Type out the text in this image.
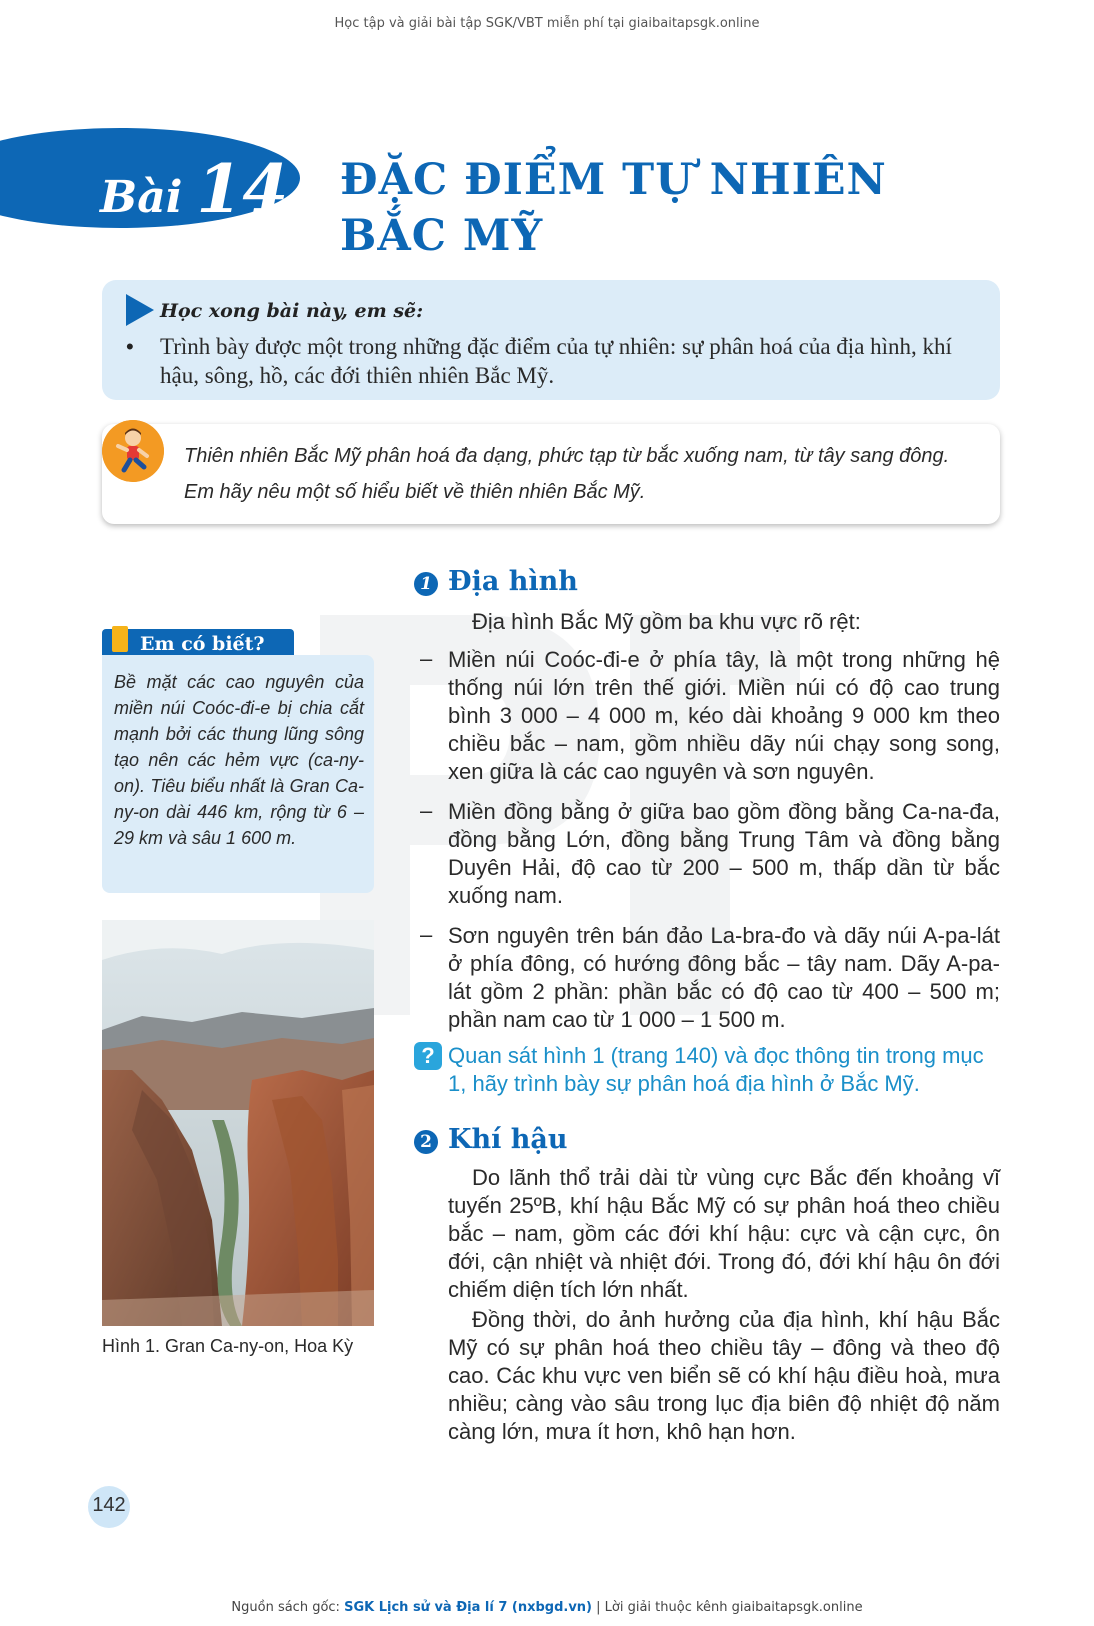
Học tập và giải bài tập SGK/VBT miễn phí tại giaibaitapsgk.online
Bài 14 ĐẶC ĐIỂM TỰ NHIÊN
BẮC MỸ
Học xong bài này, em sẽ:
• Trình bày được một trong những đặc điểm của tự nhiên: sự phân hoá của địa hình, khí hậu, sông, hồ, các đới thiên nhiên Bắc Mỹ.
Thiên nhiên Bắc Mỹ phân hoá đa dạng, phức tạp từ bắc xuống nam, từ tây sang đông.
Em hãy nêu một số hiểu biết về thiên nhiên Bắc Mỹ.
Em có biết?
Bề mặt các cao nguyên của miền núi Coóc-đi-e bị chia cắt mạnh bởi các thung lũng sông tạo nên các hẻm vực (ca-ny-on). Tiêu biểu nhất là Gran Ca-ny-on dài 446 km, rộng từ 6 – 29 km và sâu 1 600 m.
Hình 1. Gran Ca-ny-on, Hoa Kỳ
1 Địa hình
Địa hình Bắc Mỹ gồm ba khu vực rõ rệt:
– Miền núi Coóc-đi-e ở phía tây, là một trong những hệ thống núi lớn trên thế giới. Miền núi có độ cao trung bình 3 000 – 4 000 m, kéo dài khoảng 9 000 km theo chiều bắc – nam, gồm nhiều dãy núi chạy song song, xen giữa là các cao nguyên và sơn nguyên.
– Miền đồng bằng ở giữa bao gồm đồng bằng Ca-na-đa, đồng bằng Lớn, đồng bằng Trung Tâm và đồng bằng Duyên Hải, độ cao từ 200 – 500 m, thấp dần từ bắc xuống nam.
– Sơn nguyên trên bán đảo La-bra-đo và dãy núi A-pa-lát ở phía đông, có hướng đông bắc – tây nam. Dãy A-pa-lát gồm 2 phần: phần bắc có độ cao từ 400 – 500 m; phần nam cao từ 1 000 – 1 500 m.
? Quan sát hình 1 (trang 140) và đọc thông tin trong mục 1, hãy trình bày sự phân hoá địa hình ở Bắc Mỹ.
2 Khí hậu
Do lãnh thổ trải dài từ vùng cực Bắc đến khoảng vĩ tuyến 25ºB, khí hậu Bắc Mỹ có sự phân hoá theo chiều bắc – nam, gồm các đới khí hậu: cực và cận cực, ôn đới, cận nhiệt và nhiệt đới. Trong đó, đới khí hậu ôn đới chiếm diện tích lớn nhất.
Đồng thời, do ảnh hưởng của địa hình, khí hậu Bắc Mỹ có sự phân hoá theo chiều tây – đông và theo độ cao. Các khu vực ven biển sẽ có khí hậu điều hoà, mưa nhiều; càng vào sâu trong lục địa biên độ nhiệt độ năm càng lớn, mưa ít hơn, khô hạn hơn.
142
Nguồn sách gốc: SGK Lịch sử và Địa lí 7 (nxbgd.vn) | Lời giải thuộc kênh giaibaitapsgk.online
